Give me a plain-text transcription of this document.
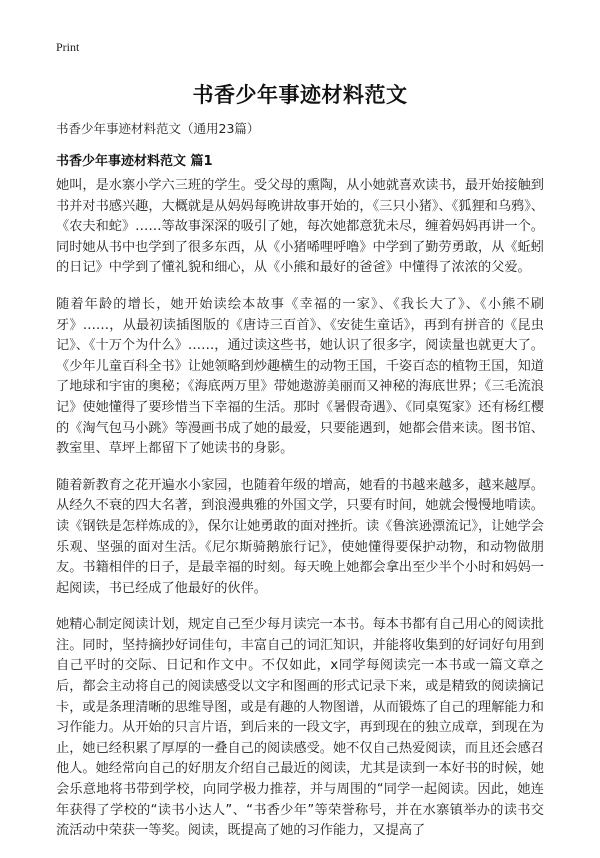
Print
书香少年事迹材料范文
书香少年事迹材料范文（通用23篇）
书香少年事迹材料范文 篇1

她叫，是水寨小学六三班的学生。受父母的熏陶，从小她就喜欢读书，最开始接触到书并对书感兴趣，大概就是从妈妈每晚讲故事开始的，《三只小猪》、《狐狸和乌鸦》、《农夫和蛇》……等故事深深的吸引了她，每次她都意犹未尽，缠着妈妈再讲一个。同时她从书中也学到了很多东西，从《小猪唏哩呼噜》中学到了勤劳勇敢，从《蚯蚓的日记》中学到了懂礼貌和细心，从《小熊和最好的爸爸》中懂得了浓浓的父爱。

随着年龄的增长，她开始读绘本故事《幸福的一家》、《我长大了》、《小熊不刷牙》……，从最初读插图版的《唐诗三百首》、《安徒生童话》，再到有拼音的《昆虫记》、《十万个为什么》……，通过读这些书，她认识了很多字，阅读量也就更大了。《少年儿童百科全书》让她领略到炒趣横生的动物王国，千姿百态的植物王国，知道了地球和宇宙的奥秘；《海底两万里》带她遨游美丽而又神秘的海底世界；《三毛流浪记》使她懂得了要珍惜当下幸福的生活。那时《暑假奇遇》、《同桌冤家》还有杨红樱的《淘气包马小跳》等漫画书成了她的最爱，只要能遇到，她都会借来读。图书馆、教室里、草坪上都留下了她读书的身影。

随着新教育之花开遍水小家园，也随着年级的增高，她看的书越来越多，越来越厚。从经久不衰的四大名著，到浪漫典雅的外国文学，只要有时间，她就会慢慢地啃读。读《钢铁是怎样炼成的》，保尔让她勇敢的面对挫折。读《鲁滨逊漂流记》，让她学会乐观、坚强的面对生活。《尼尔斯骑鹅旅行记》，使她懂得要保护动物，和动物做朋友。书籍相伴的日子，是最幸福的时刻。每天晚上她都会拿出至少半个小时和妈妈一起阅读，书已经成了他最好的伙伴。

她精心制定阅读计划，规定自己至少每月读完一本书。每本书都有自己用心的阅读批注。同时，坚持摘抄好词佳句，丰富自己的词汇知识，并能将收集到的好词好句用到自己平时的交际、日记和作文中。不仅如此，x同学每阅读完一本书或一篇文章之后，都会主动将自己的阅读感受以文字和图画的形式记录下来，或是精致的阅读摘记卡，或是条理清晰的思维导图，或是有趣的人物图谱，从而锻炼了自己的理解能力和习作能力。从开始的只言片语，到后来的一段文字，再到现在的独立成章，到现在为止，她已经积累了厚厚的一叠自己的阅读感受。她不仅自己热爱阅读，而且还会感召他人。她经常向自己的好朋友介绍自己最近的阅读，尤其是读到一本好书的时候，她会乐意地将书带到学校，向同学极力推荐，并与周围的“同学一起阅读。因此，她连年获得了学校的“读书小达人”、“书香少年”等荣誉称号，并在水寨镇举办的读书交流活动中荣获一等奖。阅读，既提高了她的习作能力，又提高了
